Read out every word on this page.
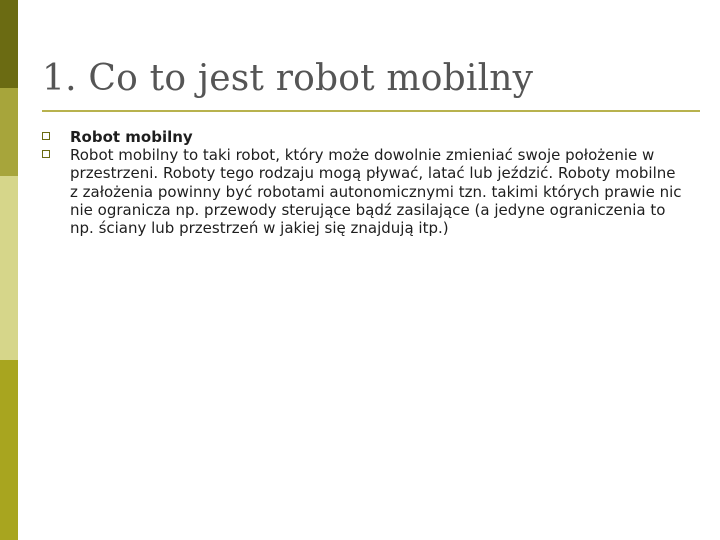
1. Co to jest robot mobilny
Robot mobilny
Robot mobilny to taki robot, który może dowolnie zmieniać swoje położenie w przestrzeni. Roboty tego rodzaju mogą pływać, latać lub jeździć. Roboty mobilne z założenia powinny być robotami autonomicznymi tzn. takimi których prawie nic nie ogranicza np. przewody sterujące bądź zasilające (a jedyne ograniczenia to np. ściany lub przestrzeń w jakiej się znajdują itp.)
